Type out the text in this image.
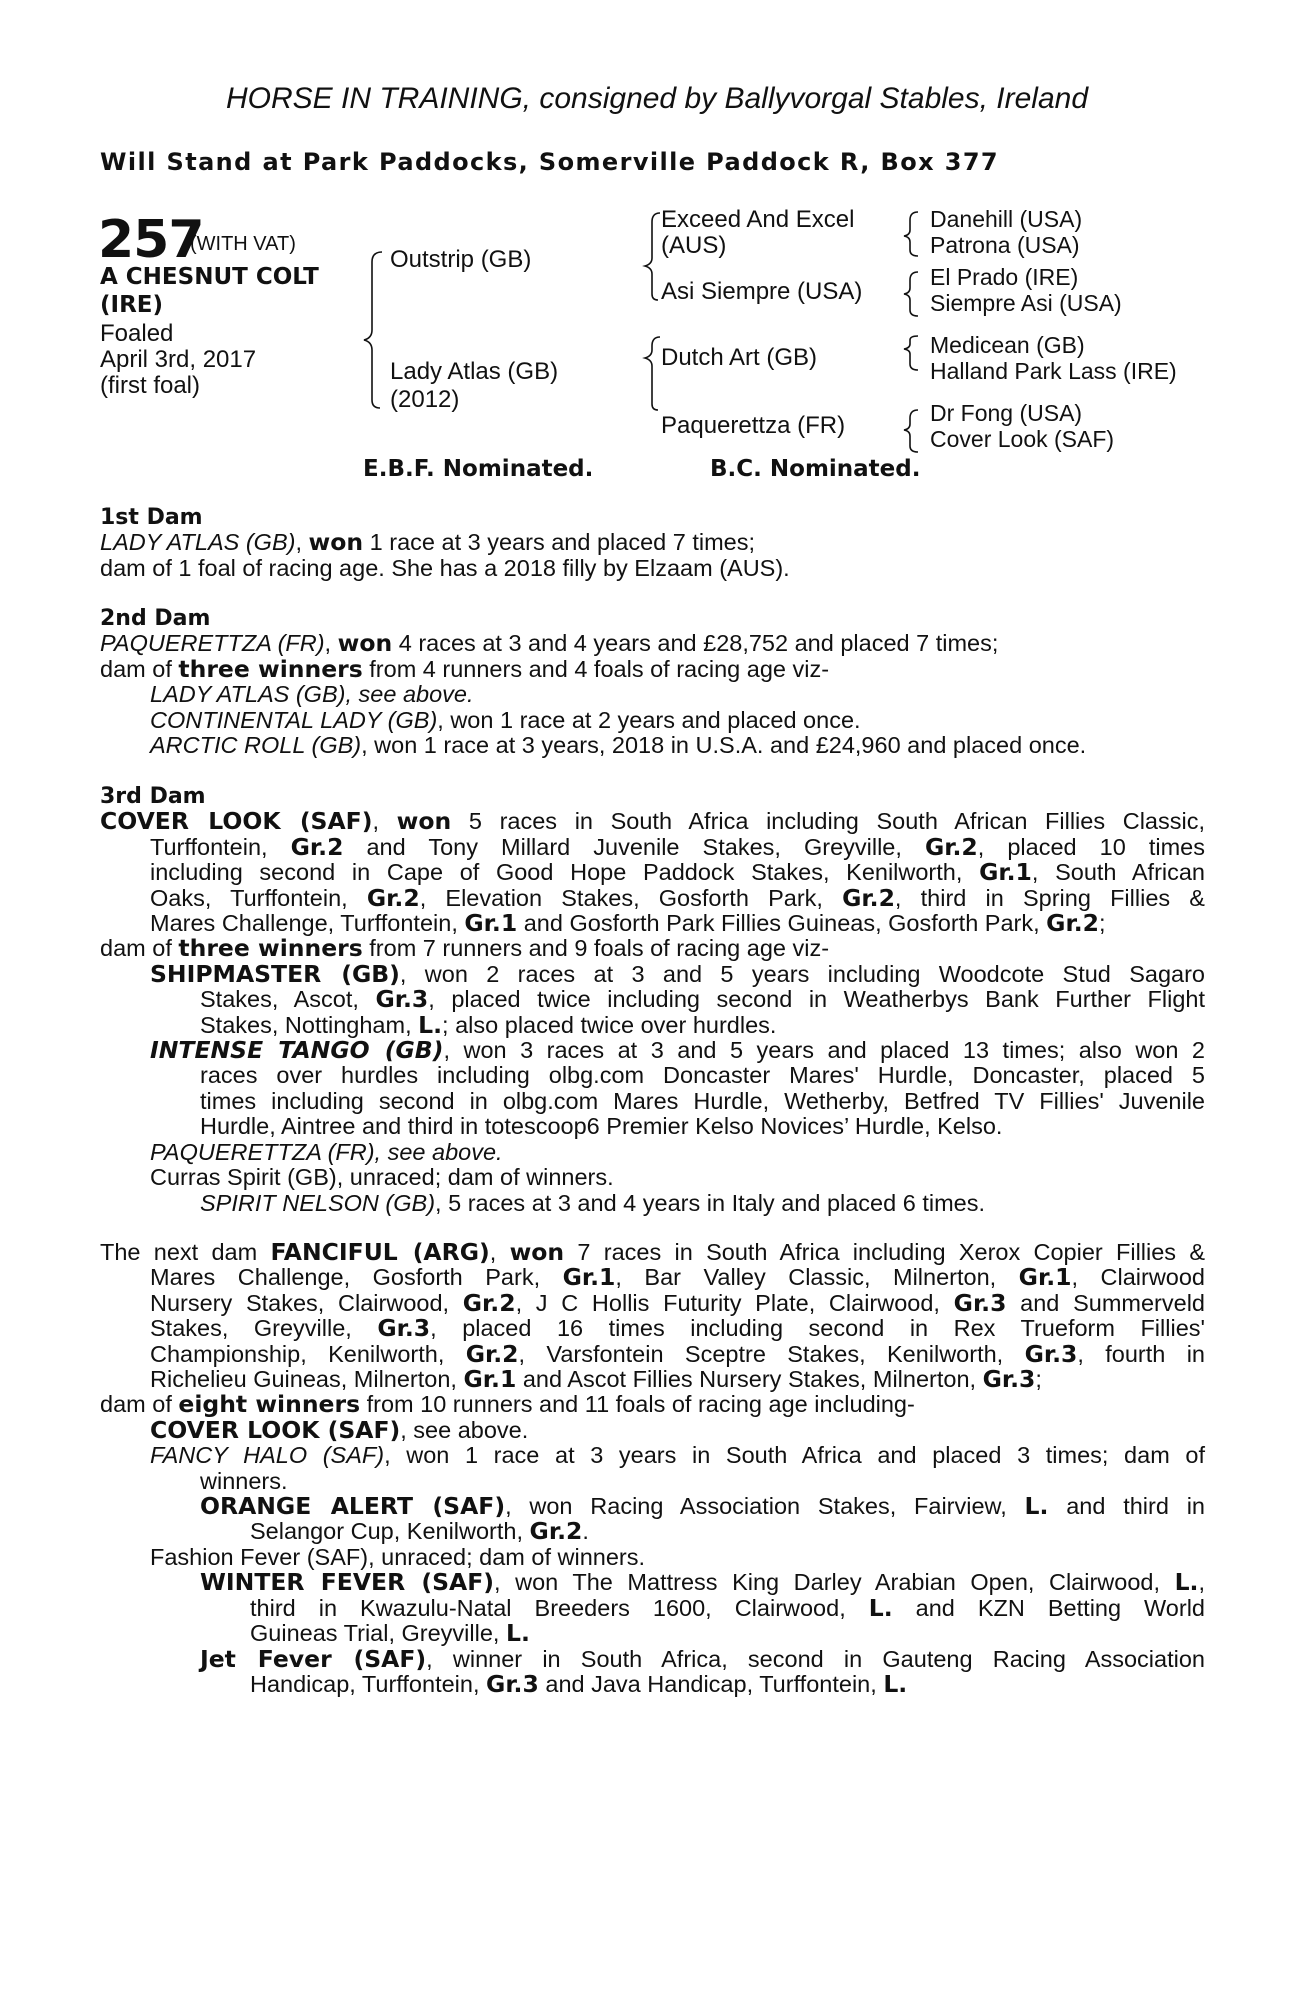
HORSE IN TRAINING, consigned by Ballyvorgal Stables, Ireland
Will Stand at Park Paddocks, Somerville Paddock R, Box 377
257
(WITH VAT)
A CHESNUT COLT
(IRE)
Foaled
April 3rd, 2017
(first foal)
Outstrip (GB)
Lady Atlas (GB)
(2012)
Exceed And Excel
(AUS)
Asi Siempre (USA)
Dutch Art (GB)
Paquerettza (FR)
Danehill (USA)
Patrona (USA)
El Prado (IRE)
Siempre Asi (USA)
Medicean (GB)
Halland Park Lass (IRE)
Dr Fong (USA)
Cover Look (SAF)
E.B.F. Nominated.	B.C. Nominated.
1st Dam
LADY ATLAS (GB), won 1 race at 3 years and placed 7 times;
dam of 1 foal of racing age. She has a 2018 filly by Elzaam (AUS).
2nd Dam
PAQUERETTZA (FR), won 4 races at 3 and 4 years and £28,752 and placed 7 times;
dam of three winners from 4 runners and 4 foals of racing age viz-
LADY ATLAS (GB), see above.
CONTINENTAL LADY (GB), won 1 race at 2 years and placed once.
ARCTIC ROLL (GB), won 1 race at 3 years, 2018 in U.S.A. and £24,960 and placed once.
3rd Dam
COVER LOOK (SAF), won 5 races in South Africa including South African Fillies Classic,
Turffontein, Gr.2 and Tony Millard Juvenile Stakes, Greyville, Gr.2, placed 10 times
including second in Cape of Good Hope Paddock Stakes, Kenilworth, Gr.1, South African
Oaks, Turffontein, Gr.2, Elevation Stakes, Gosforth Park, Gr.2, third in Spring Fillies &
Mares Challenge, Turffontein, Gr.1 and Gosforth Park Fillies Guineas, Gosforth Park, Gr.2;
dam of three winners from 7 runners and 9 foals of racing age viz-
SHIPMASTER (GB), won 2 races at 3 and 5 years including Woodcote Stud Sagaro
Stakes, Ascot, Gr.3, placed twice including second in Weatherbys Bank Further Flight
Stakes, Nottingham, L.; also placed twice over hurdles.
INTENSE TANGO (GB), won 3 races at 3 and 5 years and placed 13 times; also won 2
races over hurdles including olbg.com Doncaster Mares' Hurdle, Doncaster, placed 5
times including second in olbg.com Mares Hurdle, Wetherby, Betfred TV Fillies' Juvenile
Hurdle, Aintree and third in totescoop6 Premier Kelso Novices’ Hurdle, Kelso.
PAQUERETTZA (FR), see above.
Curras Spirit (GB), unraced; dam of winners.
SPIRIT NELSON (GB), 5 races at 3 and 4 years in Italy and placed 6 times.
The next dam FANCIFUL (ARG), won 7 races in South Africa including Xerox Copier Fillies &
Mares Challenge, Gosforth Park, Gr.1, Bar Valley Classic, Milnerton, Gr.1, Clairwood
Nursery Stakes, Clairwood, Gr.2, J C Hollis Futurity Plate, Clairwood, Gr.3 and Summerveld
Stakes, Greyville, Gr.3, placed 16 times including second in Rex Trueform Fillies'
Championship, Kenilworth, Gr.2, Varsfontein Sceptre Stakes, Kenilworth, Gr.3, fourth in
Richelieu Guineas, Milnerton, Gr.1 and Ascot Fillies Nursery Stakes, Milnerton, Gr.3;
dam of eight winners from 10 runners and 11 foals of racing age including-
COVER LOOK (SAF), see above.
FANCY HALO (SAF), won 1 race at 3 years in South Africa and placed 3 times; dam of
winners.
ORANGE ALERT (SAF), won Racing Association Stakes, Fairview, L. and third in
Selangor Cup, Kenilworth, Gr.2.
Fashion Fever (SAF), unraced; dam of winners.
WINTER FEVER (SAF), won The Mattress King Darley Arabian Open, Clairwood, L.,
third in Kwazulu-Natal Breeders 1600, Clairwood, L. and KZN Betting World
Guineas Trial, Greyville, L.
Jet Fever (SAF), winner in South Africa, second in Gauteng Racing Association
Handicap, Turffontein, Gr.3 and Java Handicap, Turffontein, L.
